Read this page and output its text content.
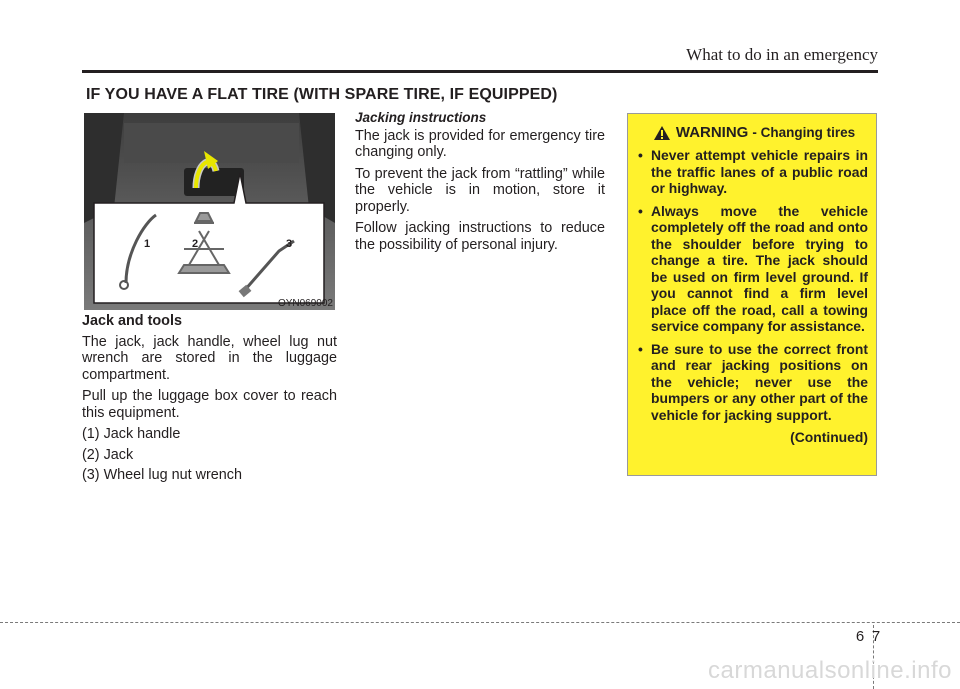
What to do in an emergency
IF YOU HAVE A FLAT TIRE (WITH SPARE TIRE, IF EQUIPPED)
1	2	3
OYN069002
Jack and tools

The jack, jack handle, wheel lug nut wrench are stored in the luggage compartment.

Pull up the luggage box cover to reach this equipment.

(1) Jack handle
(2) Jack
(3) Wheel lug nut wrench
Jacking instructions

The jack is provided for emergency tire changing only.

To prevent the jack from “rattling” while the vehicle is in motion, store it properly.

Follow jacking instructions to reduce the possibility of personal injury.

WARNING - Changing tires
• Never attempt vehicle repairs in the traffic lanes of a public road or highway.
• Always move the vehicle completely off the road and onto the shoulder before trying to change a tire. The jack should be used on firm level ground. If you cannot find a firm level place off the road, call a towing service company for assistance.
• Be sure to use the correct front and rear jacking positions on the vehicle; never use the bumpers or any other part of the vehicle for jacking support.
(Continued)
6 7
carmanualsonline.info
